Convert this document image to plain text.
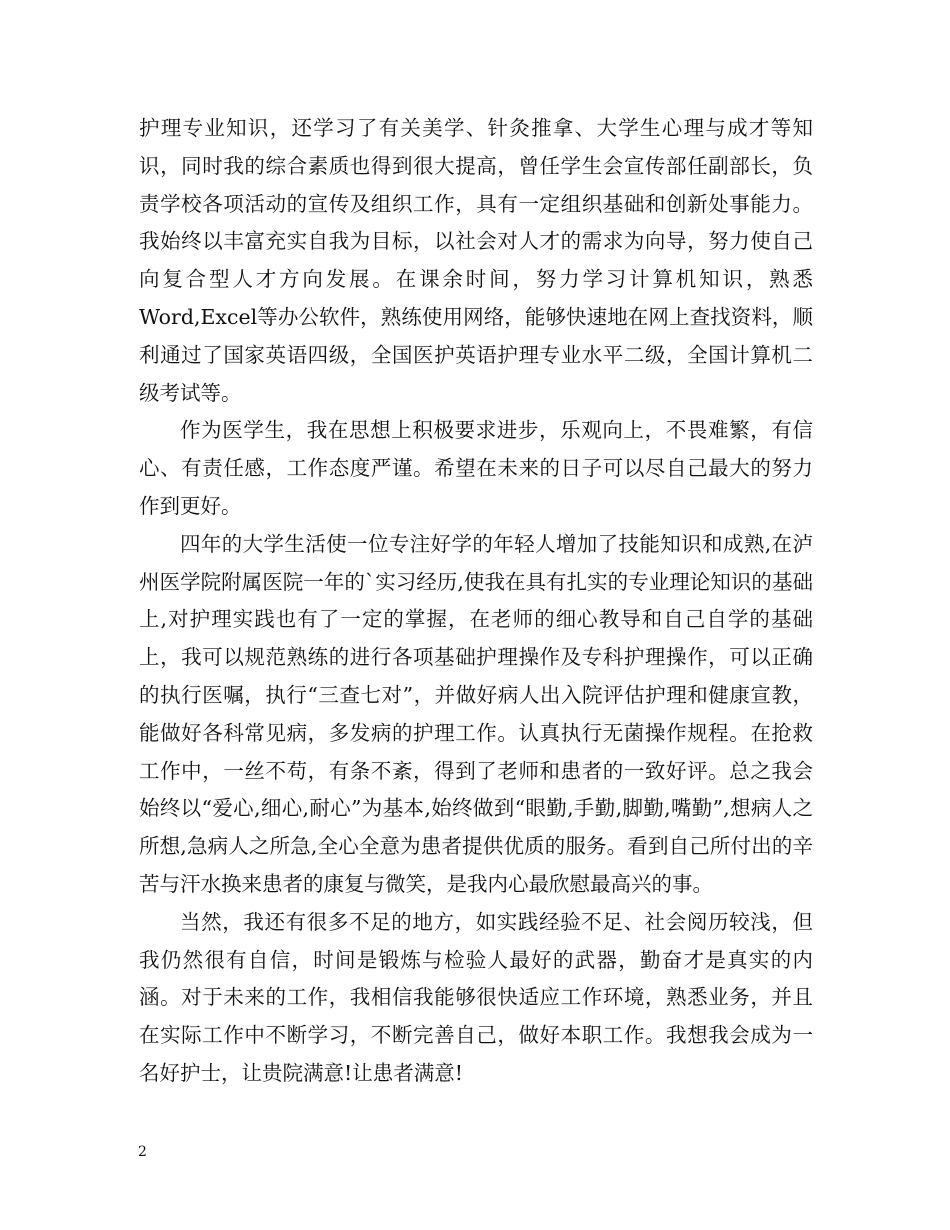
护理专业知识，还学习了有关美学、针灸推拿、大学生心理与成才等知识，同时我的综合素质也得到很大提高，曾任学生会宣传部任副部长，负责学校各项活动的宣传及组织工作，具有一定组织基础和创新处事能力。我始终以丰富充实自我为目标，以社会对人才的需求为向导，努力使自己向复合型人才方向发展。在课余时间，努力学习计算机知识，熟悉Word,Excel等办公软件，熟练使用网络，能够快速地在网上查找资料，顺利通过了国家英语四级，全国医护英语护理专业水平二级，全国计算机二级考试等。

作为医学生，我在思想上积极要求进步，乐观向上，不畏难繁，有信心、有责任感，工作态度严谨。希望在未来的日子可以尽自己最大的努力作到更好。

四年的大学生活使一位专注好学的年轻人增加了技能知识和成熟,在泸州医学院附属医院一年的`实习经历,使我在具有扎实的专业理论知识的基础上,对护理实践也有了一定的掌握，在老师的细心教导和自己自学的基础上，我可以规范熟练的进行各项基础护理操作及专科护理操作，可以正确的执行医嘱，执行“三查七对”，并做好病人出入院评估护理和健康宣教，能做好各科常见病，多发病的护理工作。认真执行无菌操作规程。在抢救工作中，一丝不苟，有条不紊，得到了老师和患者的一致好评。总之我会始终以“爱心,细心,耐心”为基本,始终做到“眼勤,手勤,脚勤,嘴勤”,想病人之所想,急病人之所急,全心全意为患者提供优质的服务。看到自己所付出的辛苦与汗水换来患者的康复与微笑，是我内心最欣慰最高兴的事。

当然，我还有很多不足的地方，如实践经验不足、社会阅历较浅，但我仍然很有自信，时间是锻炼与检验人最好的武器，勤奋才是真实的内涵。对于未来的工作，我相信我能够很快适应工作环境，熟悉业务，并且在实际工作中不断学习，不断完善自己，做好本职工作。我想我会成为一名好护士，让贵院满意!让患者满意!

2
